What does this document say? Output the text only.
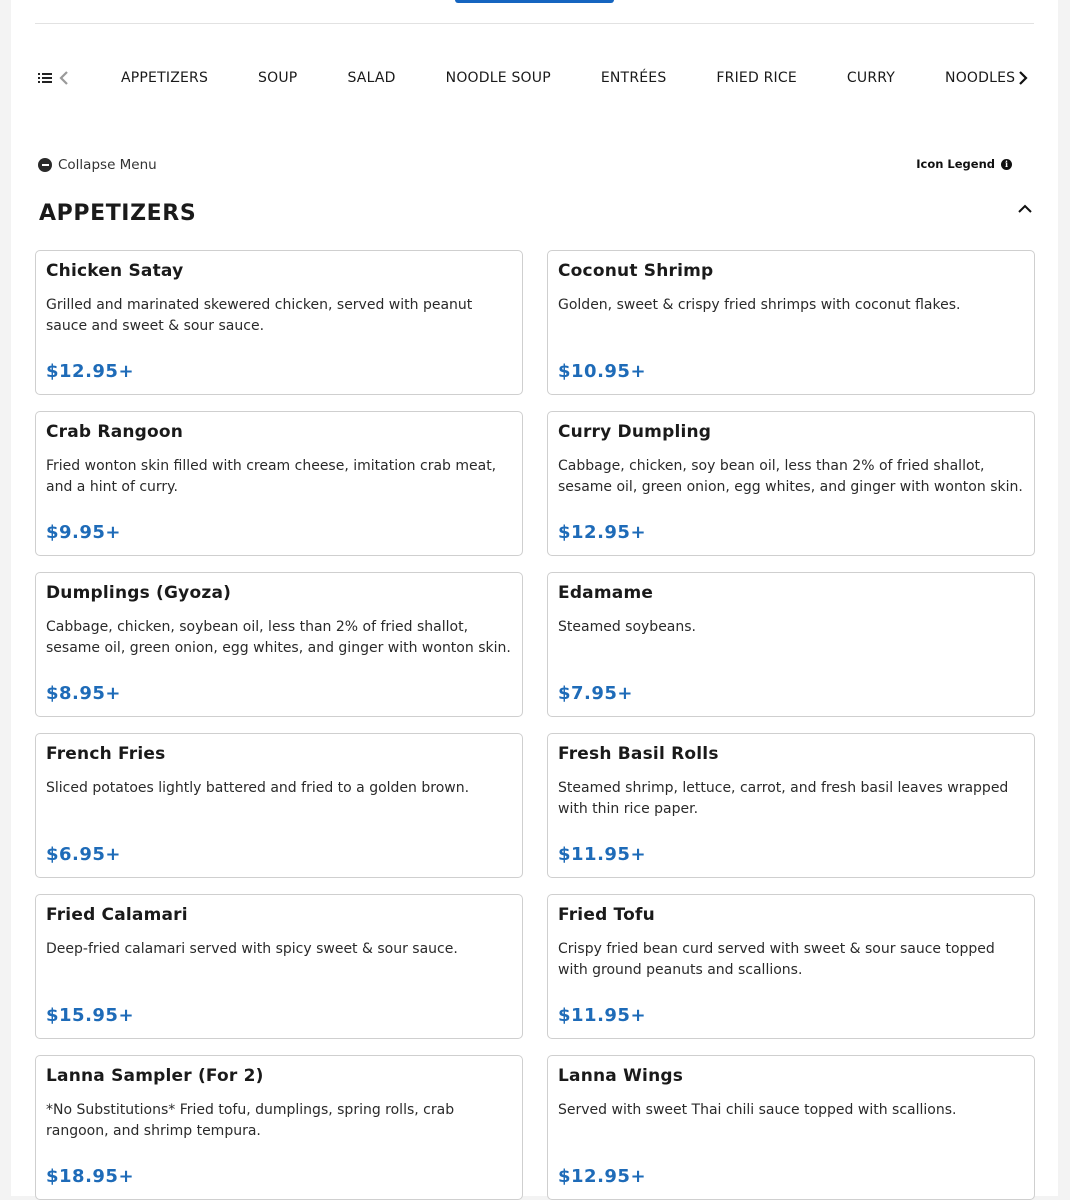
APPETIZERS	SOUP	SALAD	NOODLE SOUP	ENTRÉES	FRIED RICE	CURRY	NOODLES
Collapse Menu	Icon Legend	i
APPETIZERS
Chicken Satay
Grilled and marinated skewered chicken, served with peanut sauce and sweet & sour sauce.
$12.95+
Coconut Shrimp
Golden, sweet & crispy fried shrimps with coconut flakes.
$10.95+
Crab Rangoon
Fried wonton skin filled with cream cheese, imitation crab meat, and a hint of curry.
$9.95+
Curry Dumpling
Cabbage, chicken, soy bean oil, less than 2% of fried shallot, sesame oil, green onion, egg whites, and ginger with wonton skin.
$12.95+
Dumplings (Gyoza)
Cabbage, chicken, soybean oil, less than 2% of fried shallot, sesame oil, green onion, egg whites, and ginger with wonton skin.
$8.95+
Edamame
Steamed soybeans.
$7.95+
French Fries
Sliced potatoes lightly battered and fried to a golden brown.
$6.95+
Fresh Basil Rolls
Steamed shrimp, lettuce, carrot, and fresh basil leaves wrapped with thin rice paper.
$11.95+
Fried Calamari
Deep-fried calamari served with spicy sweet & sour sauce.
$15.95+
Fried Tofu
Crispy fried bean curd served with sweet & sour sauce topped with ground peanuts and scallions.
$11.95+
Lanna Sampler (For 2)
*No Substitutions* Fried tofu, dumplings, spring rolls, crab rangoon, and shrimp tempura.
$18.95+
Lanna Wings
Served with sweet Thai chili sauce topped with scallions.
$12.95+
